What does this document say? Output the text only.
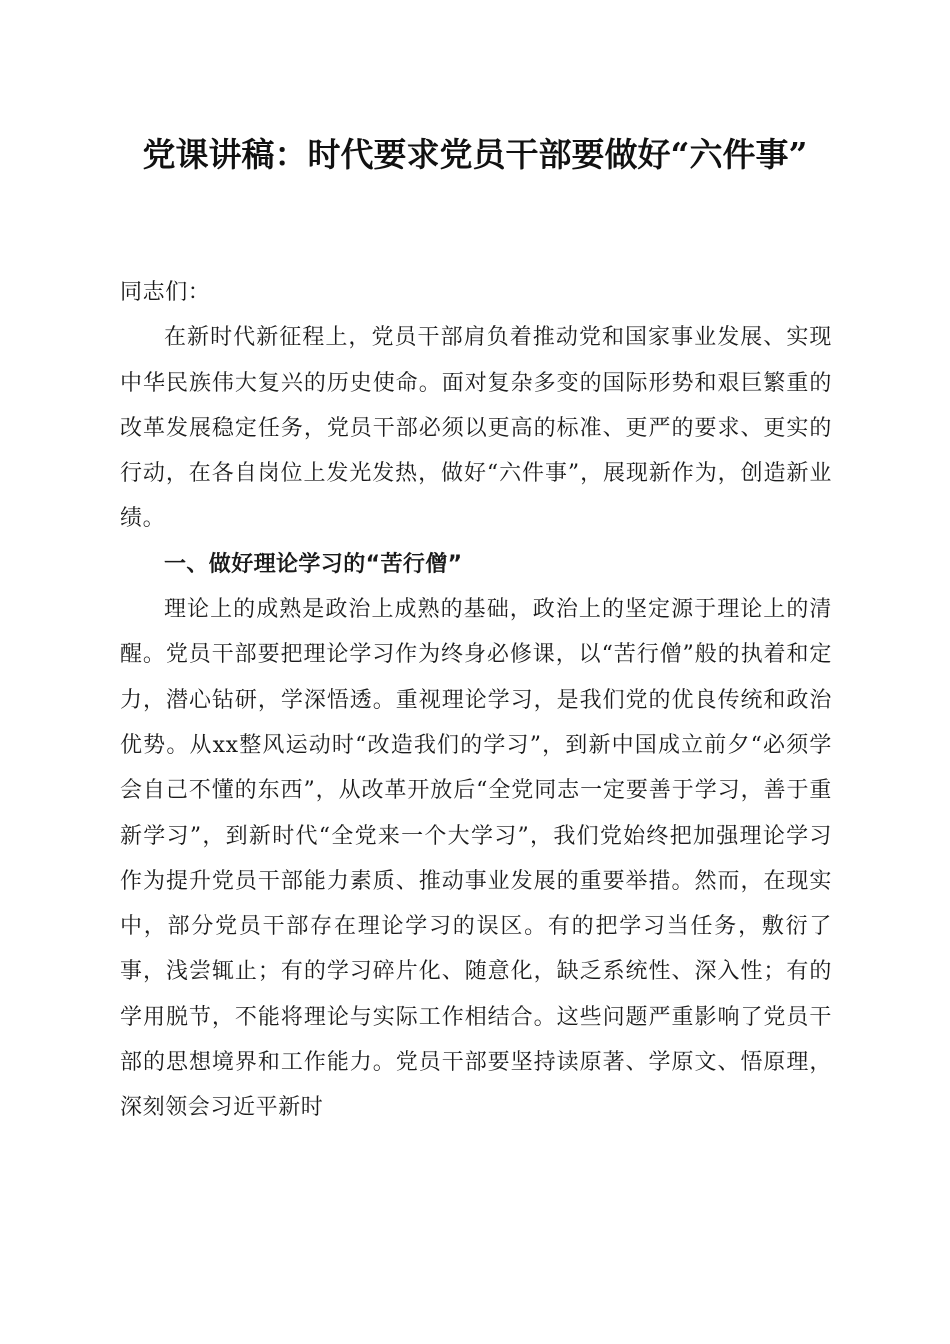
党课讲稿：时代要求党员干部要做好“六件事”

同志们：

在新时代新征程上，党员干部肩负着推动党和国家事业发展、实现中华民族伟大复兴的历史使命。面对复杂多变的国际形势和艰巨繁重的改革发展稳定任务，党员干部必须以更高的标准、更严的要求、更实的行动，在各自岗位上发光发热，做好“六件事”，展现新作为，创造新业绩。

一、做好理论学习的“苦行僧”

理论上的成熟是政治上成熟的基础，政治上的坚定源于理论上的清醒。党员干部要把理论学习作为终身必修课，以“苦行僧”般的执着和定力，潜心钻研，学深悟透。重视理论学习，是我们党的优良传统和政治优势。从xx整风运动时“改造我们的学习”，到新中国成立前夕“必须学会自己不懂的东西”，从改革开放后“全党同志一定要善于学习，善于重新学习”，到新时代“全党来一个大学习”，我们党始终把加强理论学习作为提升党员干部能力素质、推动事业发展的重要举措。然而，在现实中，部分党员干部存在理论学习的误区。有的把学习当任务，敷衍了事，浅尝辄止；有的学习碎片化、随意化，缺乏系统性、深入性；有的学用脱节，不能将理论与实际工作相结合。这些问题严重影响了党员干部的思想境界和工作能力。党员干部要坚持读原著、学原文、悟原理，深刻领会习近平新时
